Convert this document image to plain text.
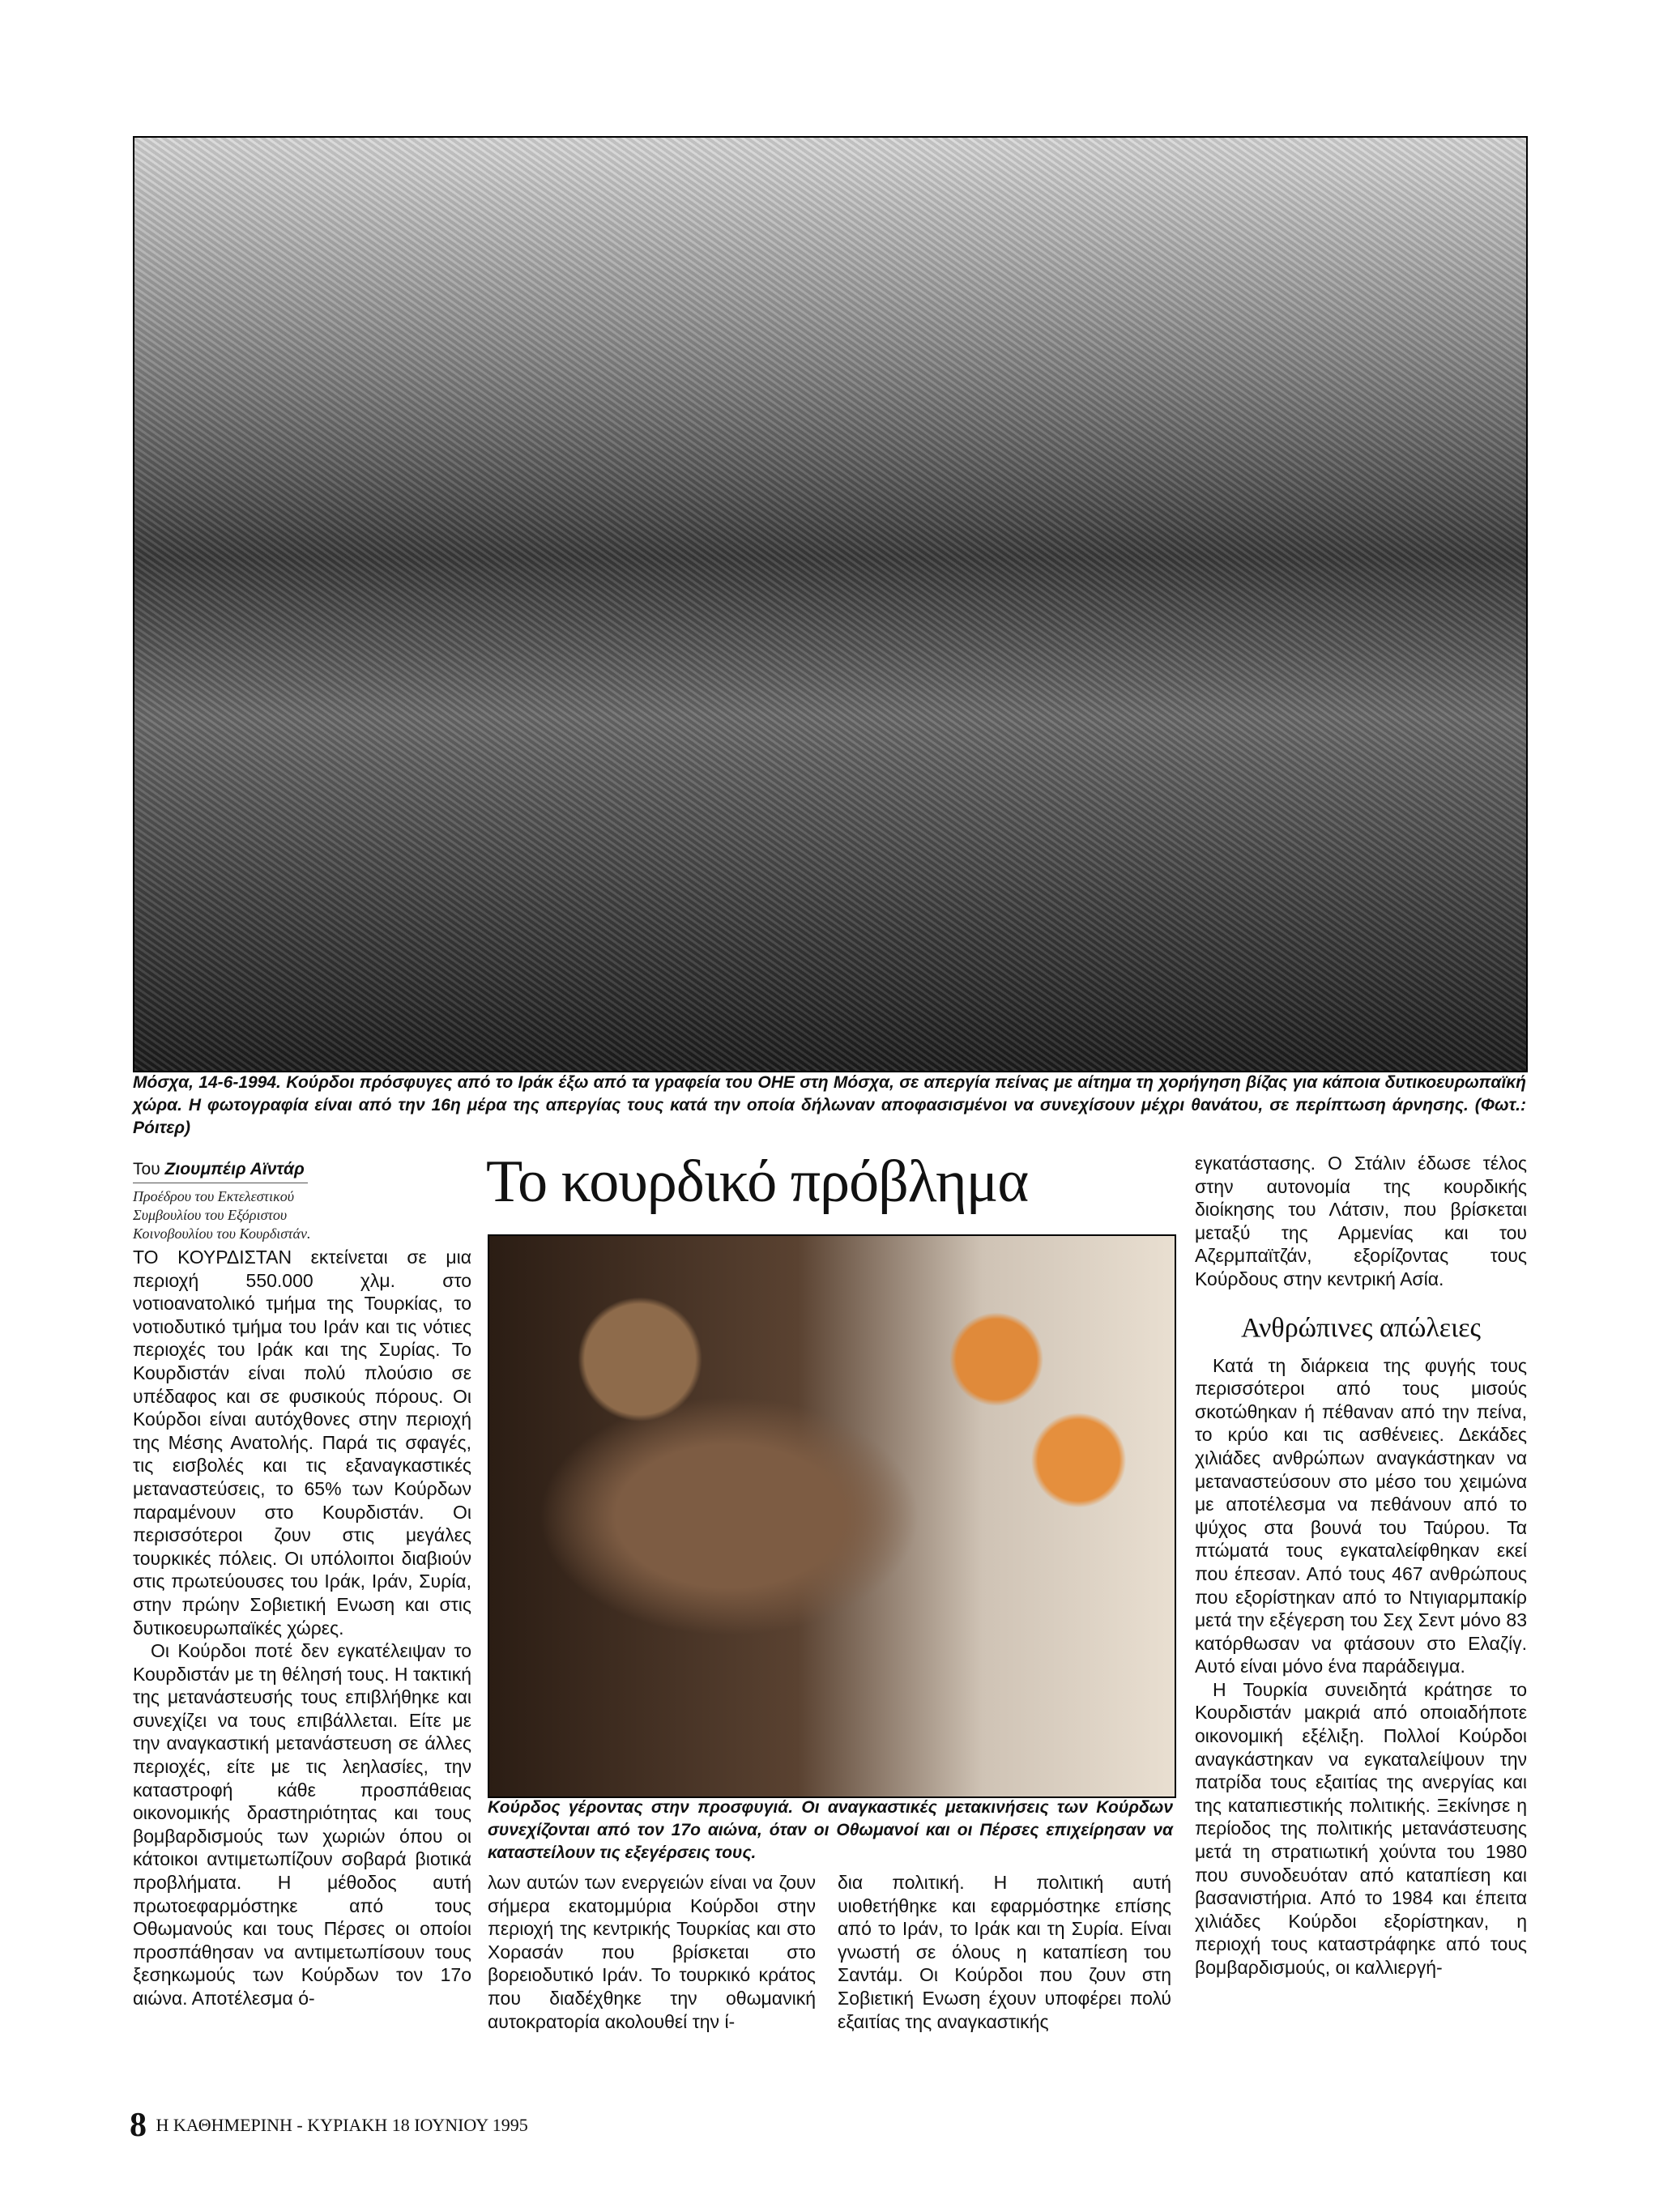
Μόσχα, 14-6-1994. Κούρδοι πρόσφυγες από το Ιράκ έξω από τα γραφεία του ΟΗΕ στη Μόσχα, σε απεργία πείνας με αίτημα τη χορήγηση βίζας για κάποια δυτικοευρωπαϊκή χώρα. Η φωτογραφία είναι από την 16η μέρα της απεργίας τους κατά την οποία δήλωναν αποφασισμένοι να συνεχίσουν μέχρι θανάτου, σε περίπτωση άρνησης. (Φωτ.: Ρόιτερ)
Του Ζιουμπέιρ Αϊντάρ
Προέδρου του Εκτελεστικού Συμβουλίου του Εξόριστου Κοινοβουλίου του Κουρδιστάν.

ΤΟ ΚΟΥΡΔΙΣΤΑΝ εκτείνεται σε μια περιοχή 550.000 χλμ. στο νοτιοανατολικό τμήμα της Τουρκίας, το νοτιοδυτικό τμήμα του Ιράν και τις νότιες περιοχές του Ιράκ και της Συρίας. Το Κουρδιστάν είναι πολύ πλούσιο σε υπέδαφος και σε φυσικούς πόρους. Οι Κούρδοι είναι αυτόχθονες στην περιοχή της Μέσης Ανατολής. Παρά τις σφαγές, τις εισβολές και τις εξαναγκαστικές μεταναστεύσεις, το 65% των Κούρδων παραμένουν στο Κουρδιστάν. Οι περισσότεροι ζουν στις μεγάλες τουρκικές πόλεις. Οι υπόλοιποι διαβιούν στις πρωτεύουσες του Ιράκ, Ιράν, Συρία, στην πρώην Σοβιετική Ενωση και στις δυτικοευρωπαϊκές χώρες.

Οι Κούρδοι ποτέ δεν εγκατέλειψαν το Κουρδιστάν με τη θέλησή τους. Η τακτική της μετανάστευσής τους επιβλήθηκε και συνεχίζει να τους επιβάλλεται. Είτε με την αναγκαστική μετανάστευση σε άλλες περιοχές, είτε με τις λεηλασίες, την καταστροφή κάθε προσπάθειας οικονομικής δραστηριότητας και τους βομβαρδισμούς των χωριών όπου οι κάτοικοι αντιμετωπίζουν σοβαρά βιοτικά προβλήματα. Η μέθοδος αυτή πρωτοεφαρμόστηκε από τους Οθωμανούς και τους Πέρσες οι οποίοι προσπάθησαν να αντιμετωπίσουν τους ξεσηκωμούς των Κούρδων τον 17ο αιώνα. Αποτέλεσμα ό-

Το κουρδικό πρόβλημα
Κούρδος γέροντας στην προσφυγιά. Οι αναγκαστικές μετακινήσεις των Κούρδων συνεχίζονται από τον 17ο αιώνα, όταν οι Οθωμανοί και οι Πέρσες επιχείρησαν να καταστείλουν τις εξεγέρσεις τους.

λων αυτών των ενεργειών είναι να ζουν σήμερα εκατομμύρια Κούρδοι στην περιοχή της κεντρικής Τουρκίας και στο Χορασάν που βρίσκεται στο βορειοδυτικό Ιράν. Το τουρκικό κράτος που διαδέχθηκε την οθωμανική αυτοκρατορία ακολουθεί την ί-

δια πολιτική. Η πολιτική αυτή υιοθετήθηκε και εφαρμόστηκε επίσης από το Ιράν, το Ιράκ και τη Συρία. Είναι γνωστή σε όλους η καταπίεση του Σαντάμ. Οι Κούρδοι που ζουν στη Σοβιετική Ενωση έχουν υποφέρει πολύ εξαιτίας της αναγκαστικής

εγκατάστασης. Ο Στάλιν έδωσε τέλος στην αυτονομία της κουρδικής διοίκησης του Λάτσιν, που βρίσκεται μεταξύ της Αρμενίας και του Αζερμπαϊτζάν, εξορίζοντας τους Κούρδους στην κεντρική Ασία.

Ανθρώπινες απώλειες

Κατά τη διάρκεια της φυγής τους περισσότεροι από τους μισούς σκοτώθηκαν ή πέθαναν από την πείνα, το κρύο και τις ασθένειες. Δεκάδες χιλιάδες ανθρώπων αναγκάστηκαν να μεταναστεύσουν στο μέσο του χειμώνα με αποτέλεσμα να πεθάνουν από το ψύχος στα βουνά του Ταύρου. Τα πτώματά τους εγκαταλείφθηκαν εκεί που έπεσαν. Από τους 467 ανθρώπους που εξορίστηκαν από το Ντιγιαρμπακίρ μετά την εξέγερση του Σεχ Σεντ μόνο 83 κατόρθωσαν να φτάσουν στο Ελαζίγ. Αυτό είναι μόνο ένα παράδειγμα.

Η Τουρκία συνειδητά κράτησε το Κουρδιστάν μακριά από οποιαδήποτε οικονομική εξέλιξη. Πολλοί Κούρδοι αναγκάστηκαν να εγκαταλείψουν την πατρίδα τους εξαιτίας της ανεργίας και της καταπιεστικής πολιτικής. Ξεκίνησε η περίοδος της πολιτικής μετανάστευσης μετά τη στρατιωτική χούντα του 1980 που συνοδευόταν από καταπίεση και βασανιστήρια. Από το 1984 και έπειτα χιλιάδες Κούρδοι εξορίστηκαν, η περιοχή τους καταστράφηκε από τους βομβαρδισμούς, οι καλλιεργή-

8 Η ΚΑΘΗΜΕΡΙΝΗ - ΚΥΡΙΑΚΗ 18 ΙΟΥΝΙΟΥ 1995
